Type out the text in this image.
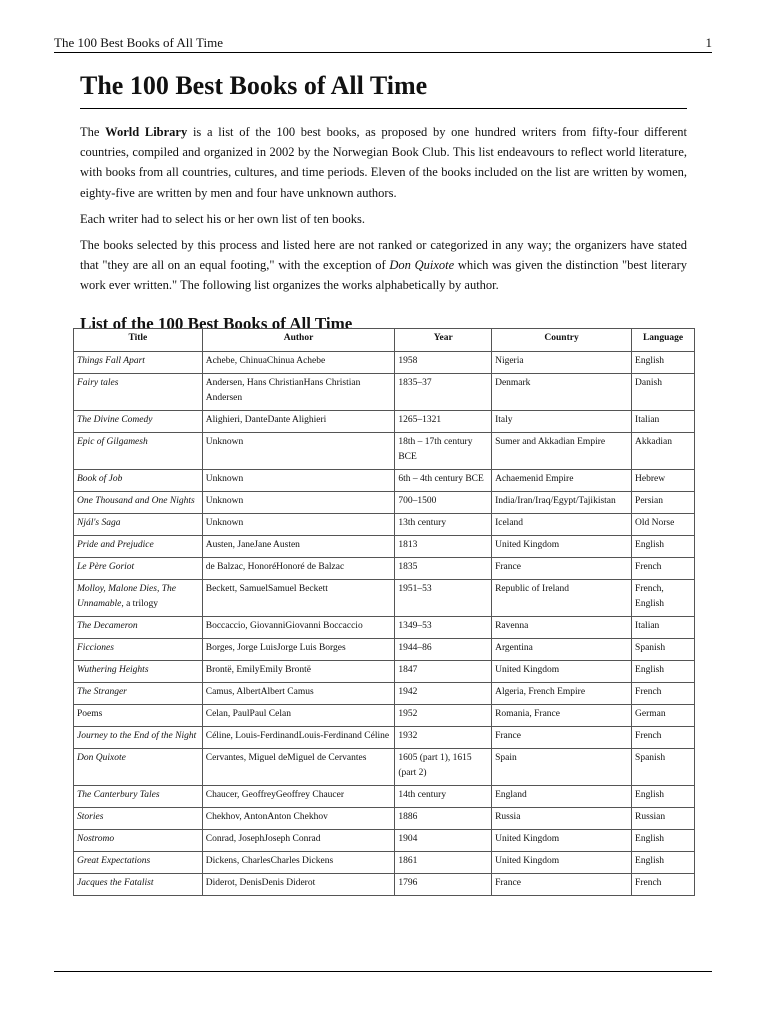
The 100 Best Books of All Time	1
The 100 Best Books of All Time

The World Library is a list of the 100 best books, as proposed by one hundred writers from fifty-four different countries, compiled and organized in 2002 by the Norwegian Book Club. This list endeavours to reflect world literature, with books from all countries, cultures, and time periods. Eleven of the books included on the list are written by women, eighty-five are written by men and four have unknown authors.

Each writer had to select his or her own list of ten books.

The books selected by this process and listed here are not ranked or categorized in any way; the organizers have stated that "they are all on an equal footing," with the exception of Don Quixote which was given the distinction "best literary work ever written." The following list organizes the works alphabetically by author.

List of the 100 Best Books of All Time
Title	Author	Year	Country	Language
Things Fall Apart	Achebe, ChinuaChinua Achebe	1958	Nigeria	English
Fairy tales	Andersen, Hans ChristianHans Christian Andersen	1835–37	Denmark	Danish
The Divine Comedy	Alighieri, DanteDante Alighieri	1265–1321	Italy	Italian
Epic of Gilgamesh	Unknown	18th – 17th century BCE	Sumer and Akkadian Empire	Akkadian
Book of Job	Unknown	6th – 4th century BCE	Achaemenid Empire	Hebrew
One Thousand and One Nights	Unknown	700–1500	India/Iran/Iraq/Egypt/Tajikistan	Persian
Njál's Saga	Unknown	13th century	Iceland	Old Norse
Pride and Prejudice	Austen, JaneJane Austen	1813	United Kingdom	English
Le Père Goriot	de Balzac, HonoréHonoré de Balzac	1835	France	French
Molloy, Malone Dies, The Unnamable, a trilogy	Beckett, SamuelSamuel Beckett	1951–53	Republic of Ireland	French, English
The Decameron	Boccaccio, GiovanniGiovanni Boccaccio	1349–53	Ravenna	Italian
Ficciones	Borges, Jorge LuisJorge Luis Borges	1944–86	Argentina	Spanish
Wuthering Heights	Brontë, EmilyEmily Brontë	1847	United Kingdom	English
The Stranger	Camus, AlbertAlbert Camus	1942	Algeria, French Empire	French
Poems	Celan, PaulPaul Celan	1952	Romania, France	German
Journey to the End of the Night	Céline, Louis-FerdinandLouis-Ferdinand Céline	1932	France	French
Don Quixote	Cervantes, Miguel deMiguel de Cervantes	1605 (part 1), 1615 (part 2)	Spain	Spanish
The Canterbury Tales	Chaucer, GeoffreyGeoffrey Chaucer	14th century	England	English
Stories	Chekhov, AntonAnton Chekhov	1886	Russia	Russian
Nostromo	Conrad, JosephJoseph Conrad	1904	United Kingdom	English
Great Expectations	Dickens, CharlesCharles Dickens	1861	United Kingdom	English
Jacques the Fatalist	Diderot, DenisDenis Diderot	1796	France	French
